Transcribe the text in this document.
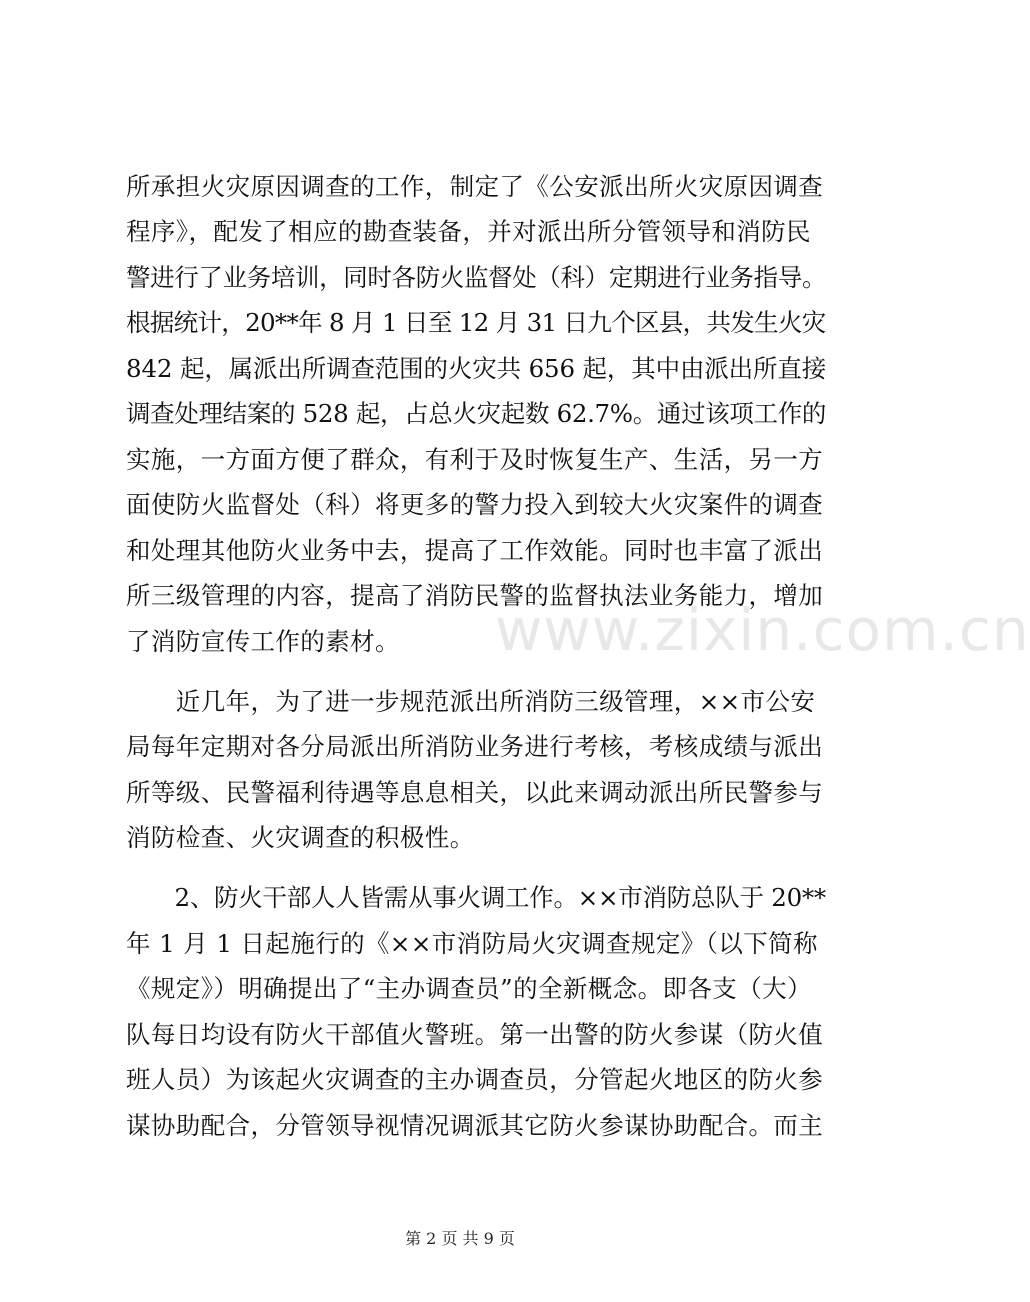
所承担火灾原因调查的工作，制定了《公安派出所火灾原因调查
程序》，配发了相应的勘查装备，并对派出所分管领导和消防民
警进行了业务培训，同时各防火监督处（科）定期进行业务指导。
根据统计，20**年 8 月 1 日至 12 月 31 日九个区县，共发生火灾
842 起，属派出所调查范围的火灾共 656 起，其中由派出所直接
调查处理结案的 528 起，占总火灾起数 62.7%。通过该项工作的
实施，一方面方便了群众，有利于及时恢复生产、生活，另一方
面使防火监督处（科）将更多的警力投入到较大火灾案件的调查
和处理其他防火业务中去，提高了工作效能。同时也丰富了派出
所三级管理的内容，提高了消防民警的监督执法业务能力，增加
了消防宣传工作的素材。
　　近几年，为了进一步规范派出所消防三级管理，××市公安
局每年定期对各分局派出所消防业务进行考核，考核成绩与派出
所等级、民警福利待遇等息息相关，以此来调动派出所民警参与
消防检查、火灾调查的积极性。
　　2、防火干部人人皆需从事火调工作。××市消防总队于 20**
年 1 月 1 日起施行的《××市消防局火灾调查规定》（以下简称
《规定》）明确提出了“主办调查员”的全新概念。即各支（大）
队每日均设有防火干部值火警班。第一出警的防火参谋（防火值
班人员）为该起火灾调查的主办调查员，分管起火地区的防火参
谋协助配合，分管领导视情况调派其它防火参谋协助配合。而主
www.zixin.com.cn
第 2 页 共 9 页
